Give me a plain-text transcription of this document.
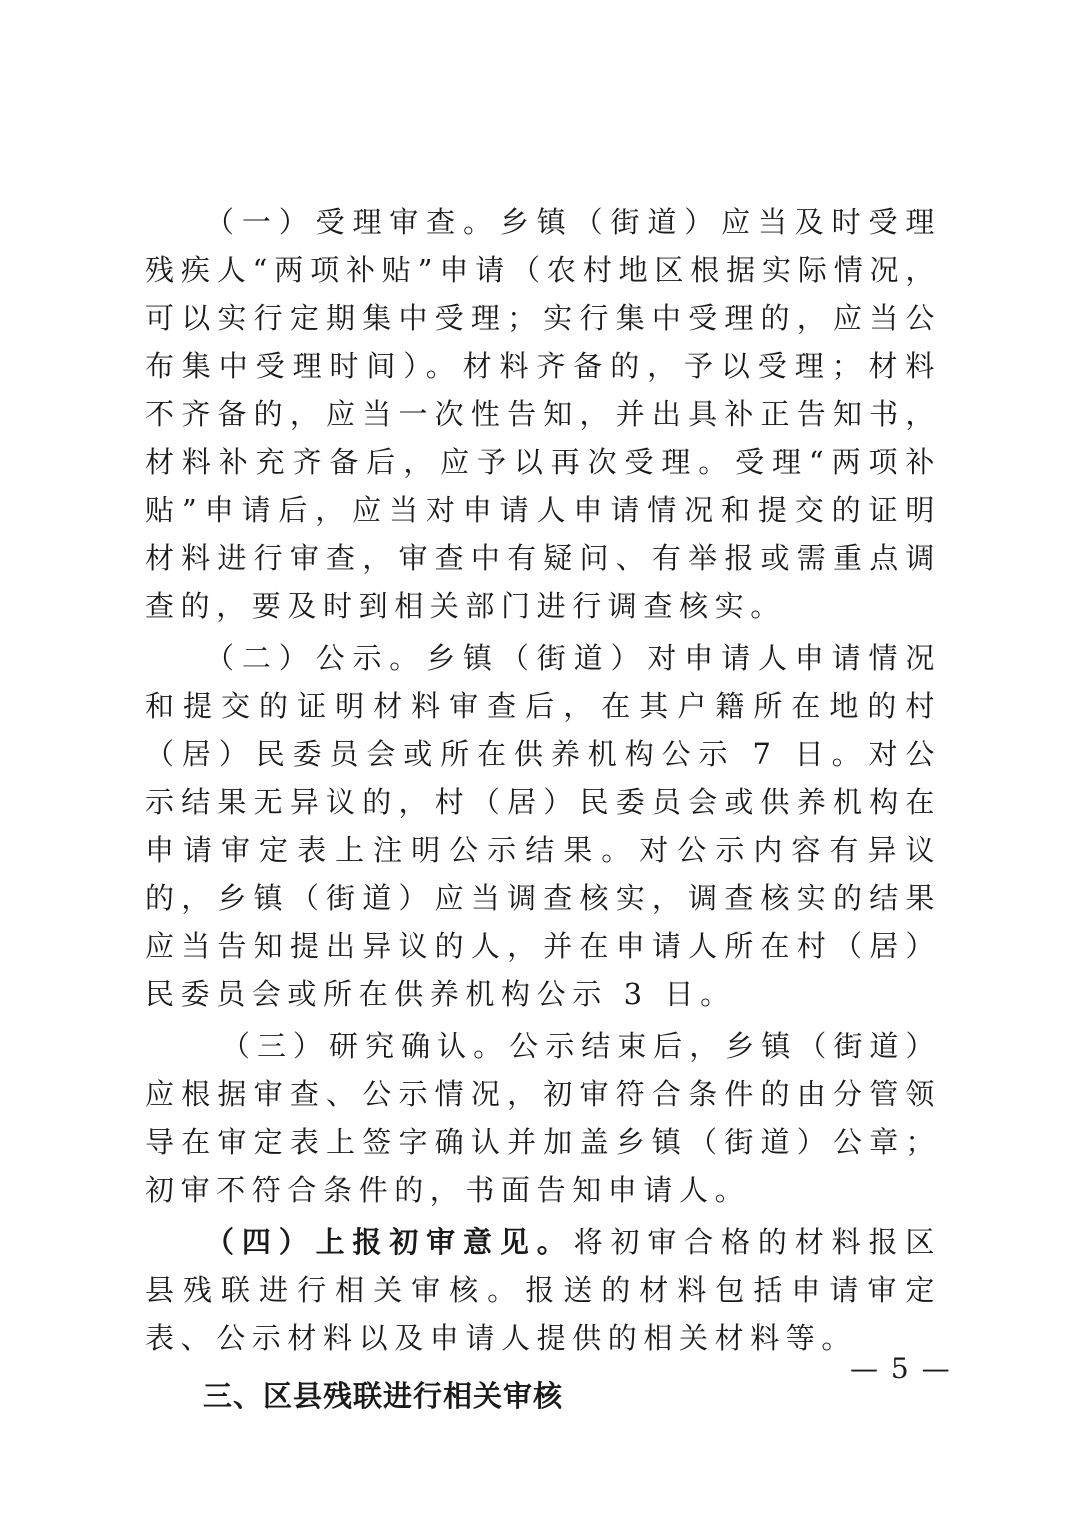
（一）受理审查。乡镇（街道）应当及时受理残疾人“两项补贴”申请（农村地区根据实际情况，可以实行定期集中受理；实行集中受理的，应当公布集中受理时间）。材料齐备的，予以受理；材料不齐备的，应当一次性告知，并出具补正告知书，材料补充齐备后，应予以再次受理。受理“两项补贴”申请后，应当对申请人申请情况和提交的证明材料进行审查，审查中有疑问、有举报或需重点调查的，要及时到相关部门进行调查核实。

（二）公示。乡镇（街道）对申请人申请情况和提交的证明材料审查后，在其户籍所在地的村（居）民委员会或所在供养机构公示 7 日。对公示结果无异议的，村（居）民委员会或供养机构在申请审定表上注明公示结果。对公示内容有异议的，乡镇（街道）应当调查核实，调查核实的结果应当告知提出异议的人，并在申请人所在村（居）民委员会或所在供养机构公示 3 日。

（三）研究确认。公示结束后，乡镇（街道）应根据审查、公示情况，初审符合条件的由分管领导在审定表上签字确认并加盖乡镇（街道）公章；初审不符合条件的，书面告知申请人。

（四）上报初审意见。将初审合格的材料报区县残联进行相关审核。报送的材料包括申请审定表、公示材料以及申请人提供的相关材料等。

三、区县残联进行相关审核

— 5 —
